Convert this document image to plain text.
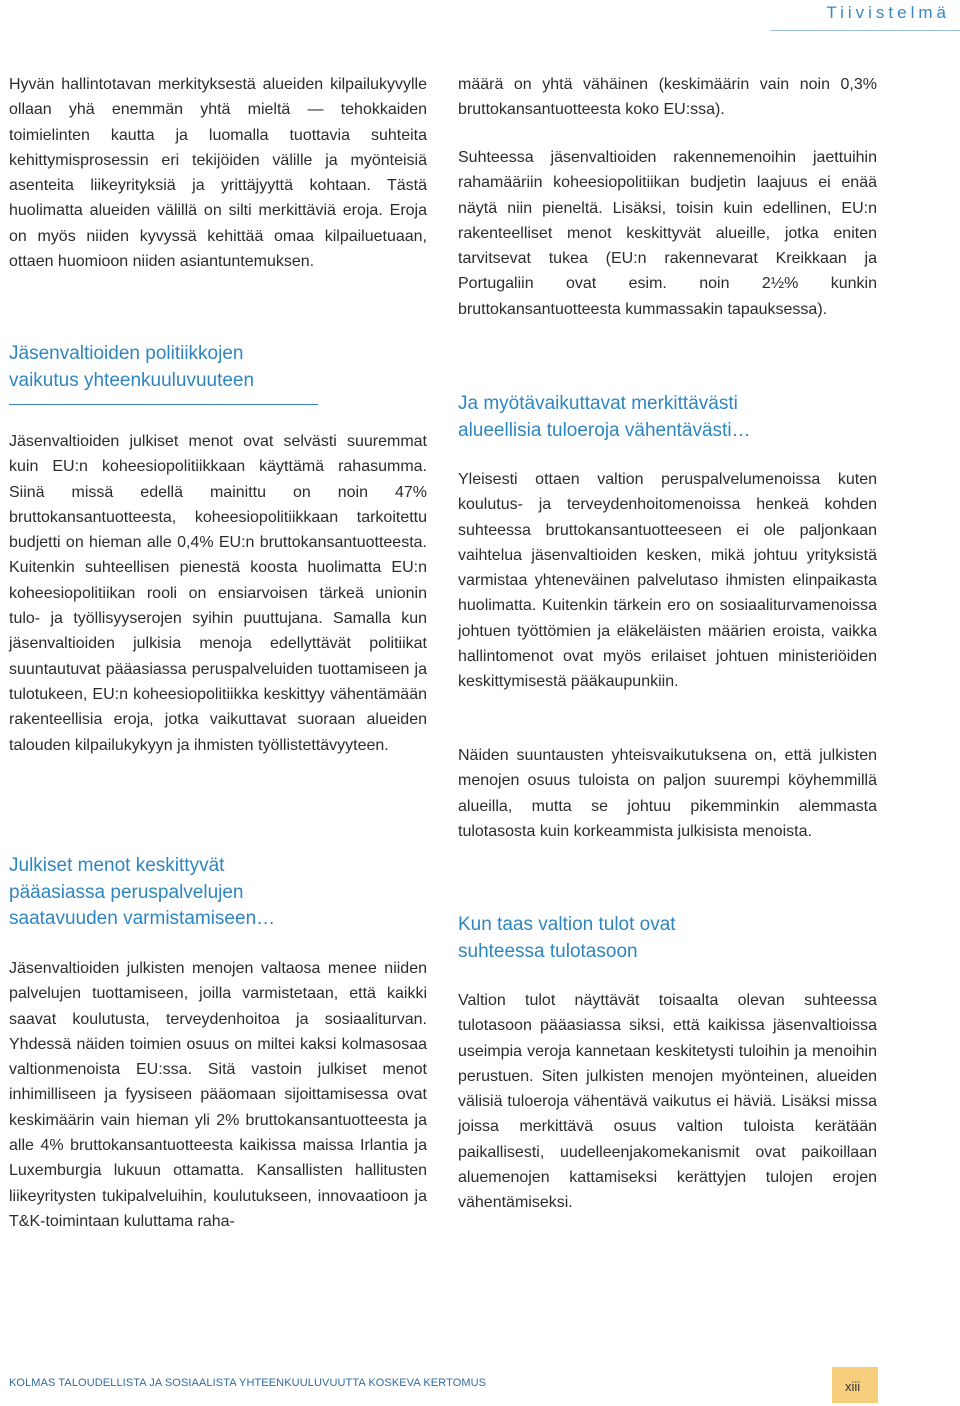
Tiivistelmä

Hyvän hallintotavan merkityksestä alueiden kilpailukyvylle ollaan yhä enemmän yhtä mieltä — tehokkaiden toimielinten kautta ja luomalla tuottavia suhteita kehittymisprosessin eri tekijöiden välille ja myönteisiä asenteita liikeyrityksiä ja yrittäjyyttä kohtaan. Tästä huolimatta alueiden välillä on silti merkittäviä eroja. Eroja on myös niiden kyvyssä kehittää omaa kilpailuetuaan, ottaen huomioon niiden asiantuntemuksen.

Jäsenvaltioiden politiikkojen
vaikutus yhteenkuuluvuuteen

Jäsenvaltioiden julkiset menot ovat selvästi suuremmat kuin EU:n koheesiopolitiikkaan käyttämä rahasumma. Siinä missä edellä mainittu on noin 47% bruttokansantuotteesta, koheesiopolitiikkaan tarkoitettu budjetti on hieman alle 0,4% EU:n bruttokansantuotteesta. Kuitenkin suhteellisen pienestä koosta huolimatta EU:n koheesiopolitiikan rooli on ensiarvoisen tärkeä unionin tulo- ja työllisyyserojen syihin puuttujana. Samalla kun jäsenvaltioiden julkisia menoja edellyttävät politiikat suuntautuvat pääasiassa peruspalveluiden tuottamiseen ja tulotukeen, EU:n koheesiopolitiikka keskittyy vähentämään rakenteellisia eroja, jotka vaikuttavat suoraan alueiden talouden kilpailukykyyn ja ihmisten työllistettävyyteen.

Julkiset menot keskittyvät
pääasiassa peruspalvelujen
saatavuuden varmistamiseen…

Jäsenvaltioiden julkisten menojen valtaosa menee niiden palvelujen tuottamiseen, joilla varmistetaan, että kaikki saavat koulutusta, terveydenhoitoa ja sosiaaliturvan. Yhdessä näiden toimien osuus on miltei kaksi kolmasosaa valtionmenoista EU:ssa. Sitä vastoin julkiset menot inhimilliseen ja fyysiseen pääomaan sijoittamisessa ovat keskimäärin vain hieman yli 2% bruttokansantuotteesta ja alle 4% bruttokansantuotteesta kaikissa maissa Irlantia ja Luxemburgia lukuun ottamatta. Kansallisten hallitusten liikeyritysten tukipalveluihin, koulutukseen, innovaatioon ja T&K-toimintaan kuluttama raha-

määrä on yhtä vähäinen (keskimäärin vain noin 0,3% bruttokansantuotteesta koko EU:ssa).

Suhteessa jäsenvaltioiden rakennemenoihin jaettuihin rahamääriin koheesiopolitiikan budjetin laajuus ei enää näytä niin pieneltä. Lisäksi, toisin kuin edellinen, EU:n rakenteelliset menot keskittyvät alueille, jotka eniten tarvitsevat tukea (EU:n rakennevarat Kreikkaan ja Portugaliin ovat esim. noin 2½% kunkin bruttokansantuotteesta kummassakin tapauksessa).

Ja myötävaikuttavat merkittävästi
alueellisia tuloeroja vähentävästi…

Yleisesti ottaen valtion peruspalvelumenoissa kuten koulutus- ja terveydenhoitomenoissa henkeä kohden suhteessa bruttokansantuotteeseen ei ole paljonkaan vaihtelua jäsenvaltioiden kesken, mikä johtuu yrityksistä varmistaa yhteneväinen palvelutaso ihmisten elinpaikasta huolimatta. Kuitenkin tärkein ero on sosiaaliturvamenoissa johtuen työttömien ja eläkeläisten määrien eroista, vaikka hallintomenot ovat myös erilaiset johtuen ministeriöiden keskittymisestä pääkaupunkiin.

Näiden suuntausten yhteisvaikutuksena on, että julkisten menojen osuus tuloista on paljon suurempi köyhemmillä alueilla, mutta se johtuu pikemminkin alemmasta tulotasosta kuin korkeammista julkisista menoista.

Kun taas valtion tulot ovat
suhteessa tulotasoon

Valtion tulot näyttävät toisaalta olevan suhteessa tulotasoon pääasiassa siksi, että kaikissa jäsenvaltioissa useimpia veroja kannetaan keskitetysti tuloihin ja menoihin perustuen. Siten julkisten menojen myönteinen, alueiden välisiä tuloeroja vähentävä vaikutus ei häviä. Lisäksi missa joissa merkittävä osuus valtion tuloista kerätään paikallisesti, uudelleenjakomekanismit ovat paikoillaan aluemenojen kattamiseksi kerättyjen tulojen erojen vähentämiseksi.

KOLMAS TALOUDELLISTA JA SOSIAALISTA YHTEENKUULUVUUTTA KOSKEVA KERTOMUS	xiii
